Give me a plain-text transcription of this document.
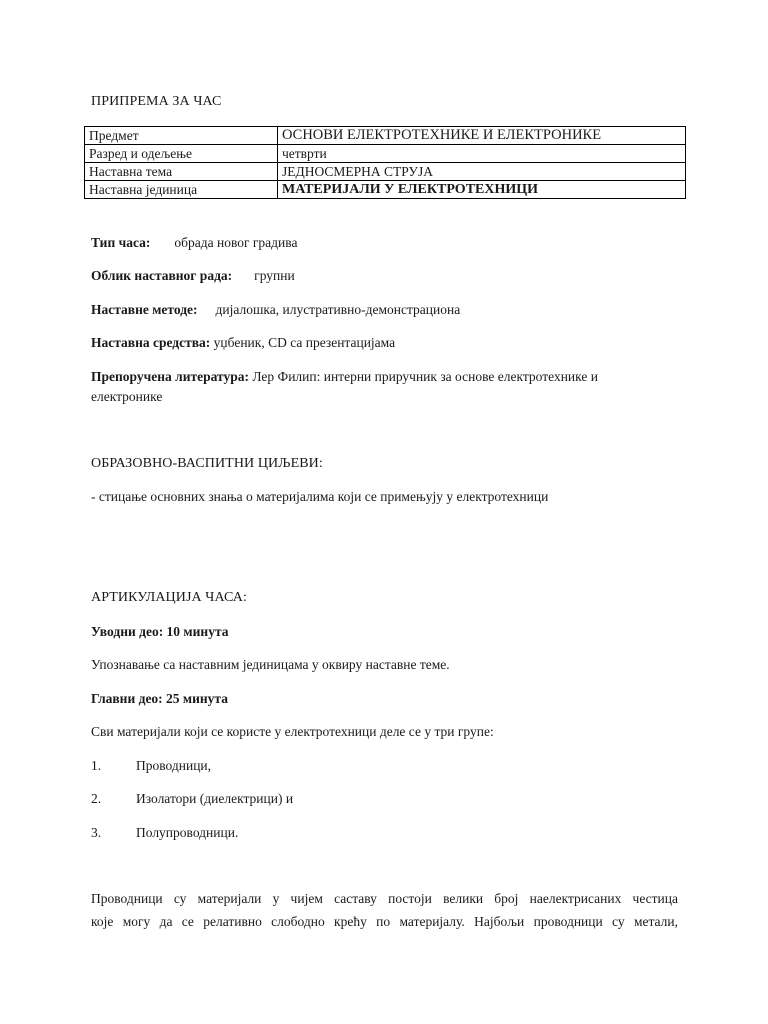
ПРИПРЕМА ЗА ЧАС
Предмет	ОСНОВИ ЕЛЕКТРОТЕХНИКЕ И ЕЛЕКТРОНИКЕ
Разред и одељење	четврти
Наставна тема	ЈЕДНОСМЕРНА СТРУЈА
Наставна јединица	МАТЕРИЈАЛИ У ЕЛЕКТРОТЕХНИЦИ
Тип часа: обрада новог градива
Облик наставног рада: групни
Наставне методе: дијалошка, илустративно-демонстрациона
Наставна средства: уџбеник, CD са презентацијама
Препоручена литература: Лер Филип: интерни приручник за основе електротехнике и
електронике
ОБРАЗОВНО-ВАСПИТНИ ЦИЉЕВИ:
- стицање основних знања о материјалима који се примењују у електротехници
АРТИКУЛАЦИЈА ЧАСА:
Уводни део: 10 минута
Упознавање са наставним јединицама у оквиру наставне теме.
Главни део: 25 минута
Сви материјали који се користе у електротехници деле се у три групе:
1.	Проводници,
2.	Изолатори (диелектрици) и
3.	Полупроводници.
Проводници су материјали у чијем саставу постоји велики број наелектрисаних честица
које могу да се релативно слободно крећу по материјалу. Најбољи проводници су метали,
